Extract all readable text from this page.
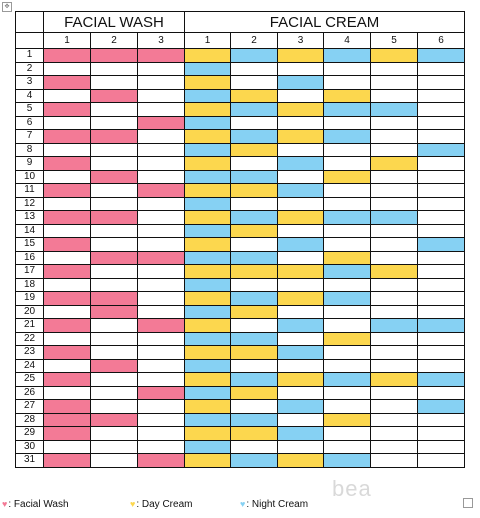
✥
	FACIAL WASH			FACIAL CREAM					
	1	2	3	1	2	3	4	5	6
1									
2									
3									
4									
5									
6									
7									
8									
9									
10									
11									
12									
13									
14									
15									
16									
17									
18									
19									
20									
21									
22									
23									
24									
25									
26									
27									
28									
29									
30									
31									
bea
♥: Facial Wash	♥: Day Cream	♥: Night Cream
